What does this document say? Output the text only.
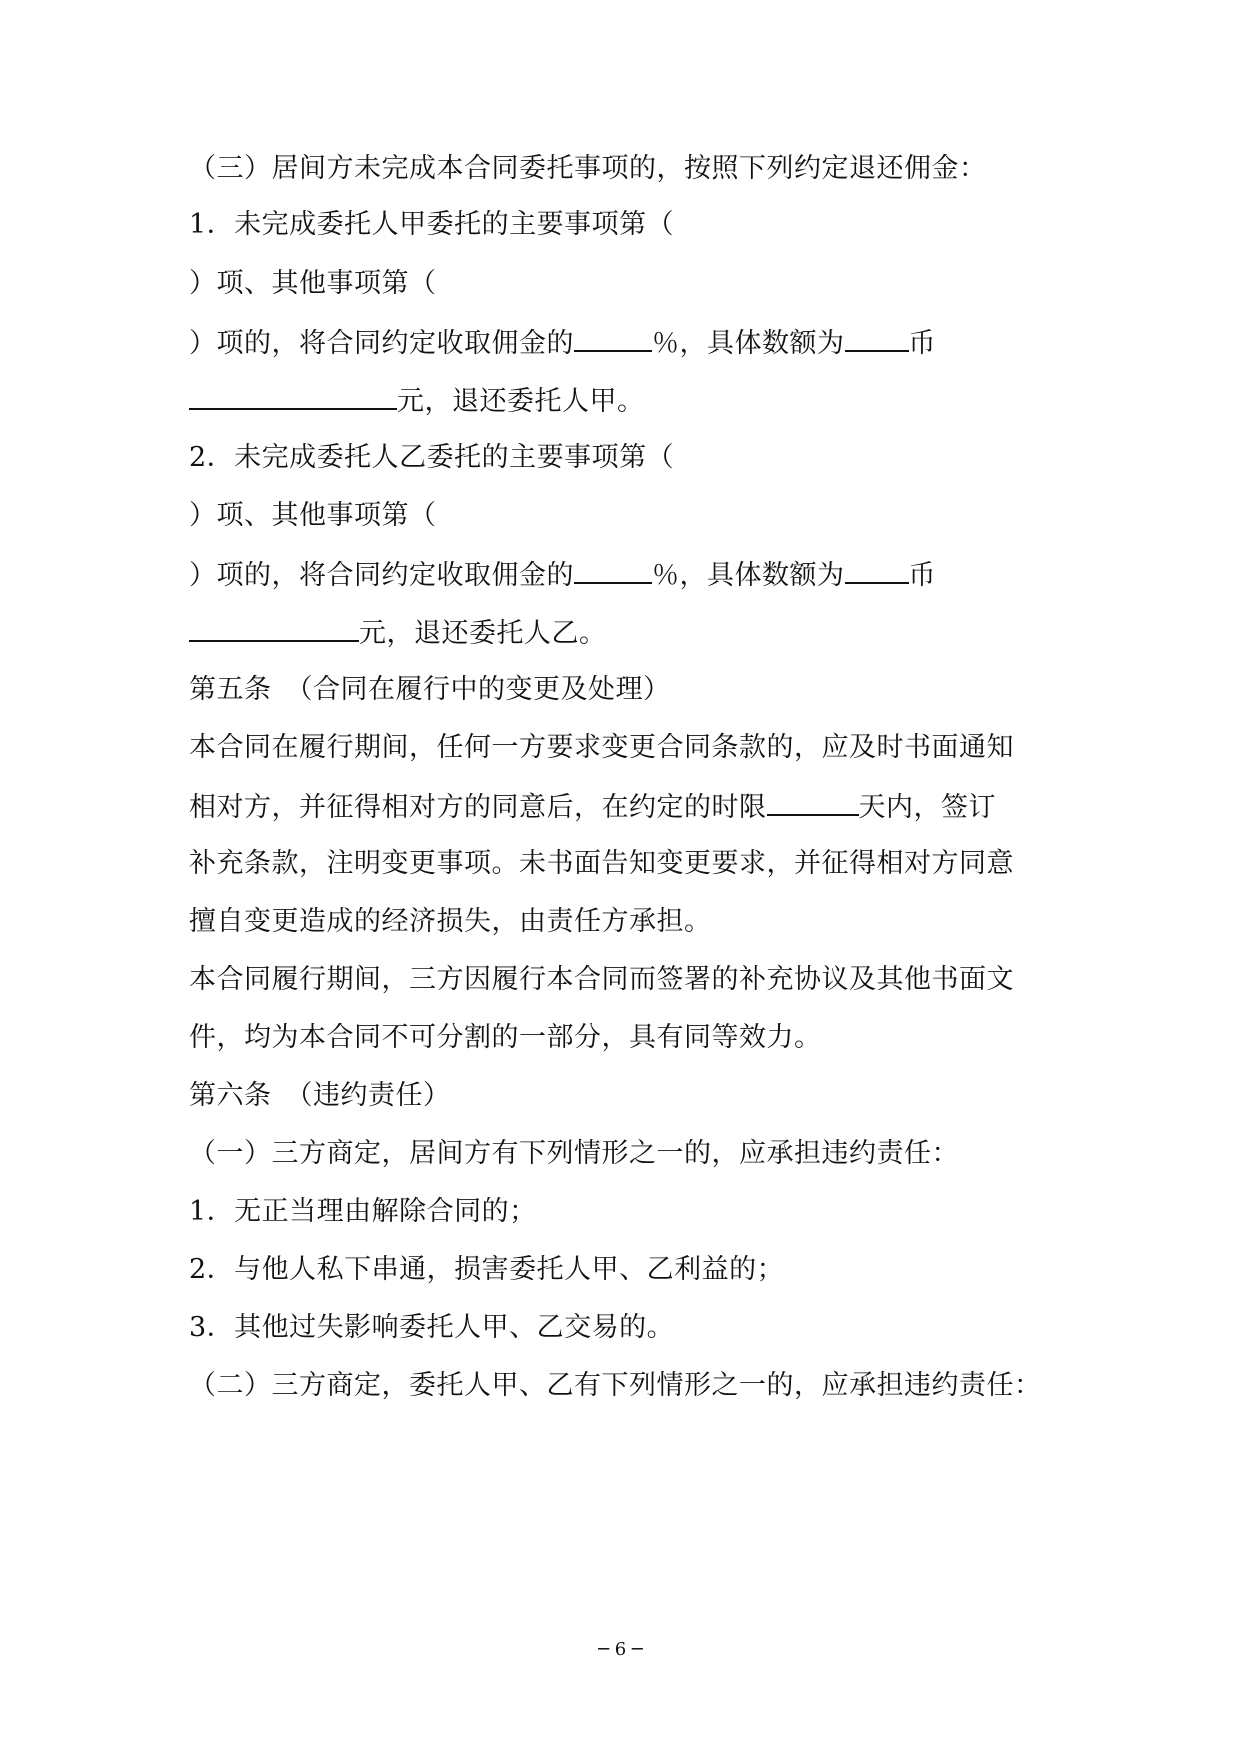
（三）居间方未完成本合同委托事项的，按照下列约定退还佣金：
1．未完成委托人甲委托的主要事项第（
）项、其他事项第（
）项的，将合同约定收取佣金的	％，具体数额为 币
元，退还委托人甲。
2．未完成委托人乙委托的主要事项第（
）项、其他事项第（
）项的，将合同约定收取佣金的	％，具体数额为 币
元，退还委托人乙。
第五条　（合同在履行中的变更及处理）
本合同在履行期间，任何一方要求变更合同条款的，应及时书面通知
相对方，并征得相对方的同意后，在约定的时限	天内，签订
补充条款，注明变更事项。未书面告知变更要求，并征得相对方同意
擅自变更造成的经济损失，由责任方承担。
本合同履行期间，三方因履行本合同而签署的补充协议及其他书面文
件，均为本合同不可分割的一部分，具有同等效力。
第六条　（违约责任）
（一）三方商定，居间方有下列情形之一的，应承担违约责任：
1．无正当理由解除合同的；
2．与他人私下串通，损害委托人甲、乙利益的；
3．其他过失影响委托人甲、乙交易的。
（二）三方商定，委托人甲、乙有下列情形之一的，应承担违约责任：
─ 6 ─
